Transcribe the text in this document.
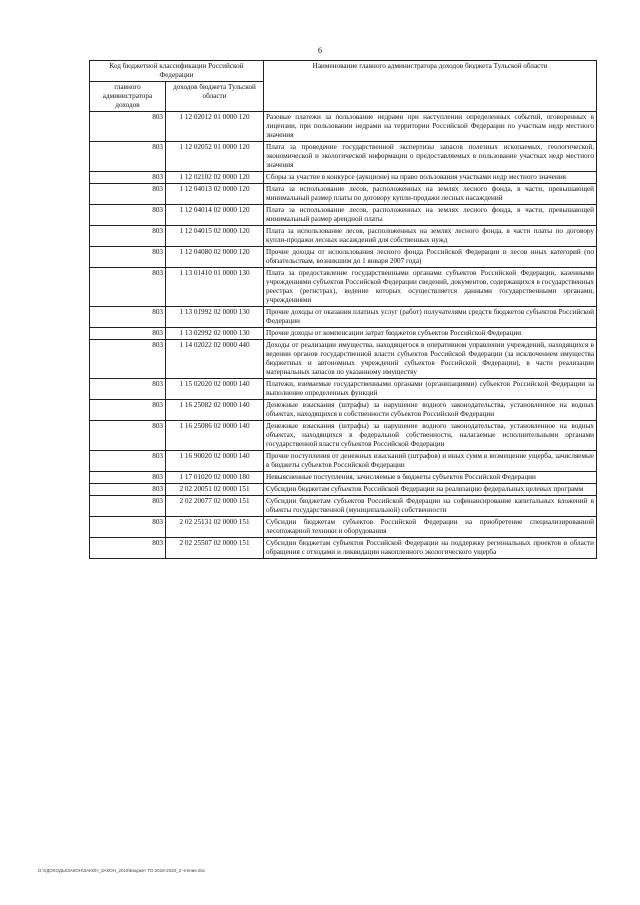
6
Код бюджетной классификации Российской Федерации		Наименование главного администратора доходов бюджета Тульской области
главного администратора доходов	доходов бюджета Тульской области	
803	1 12 02012 01 0000 120	Разовые платежи за пользование недрами при наступлении определенных событий, оговоренных в лицензии, при пользовании недрами на территории Российской Федерации по участкам недр местного значения
803	1 12 02052 01 0000 120	Плата за проведение государственной экспертизы запасов полезных ископаемых, геологической, экономической и экологической информации о предоставляемых в пользование участках недр местного значения
803	1 12 02102 02 0000 120	Сборы за участие в конкурсе (аукционе) на право пользования участками недр местного значения
803	1 12 04013 02 0000 120	Плата за использование лесов, расположенных на землях лесного фонда, в части, превышающей минимальный размер платы по договору купли-продажи лесных насаждений
803	1 12 04014 02 0000 120	Плата за использование лесов, расположенных на землях лесного фонда, в части, превышающей минимальный размер арендной платы
803	1 12 04015 02 0000 120	Плата за использование лесов, расположенных на землях лесного фонда, в части платы по договору купли-продажи лесных насаждений для собственных нужд
803	1 12 04080 02 0000 120	Прочие доходы от использования лесного фонда Российской Федерации и лесов иных категорий (по обязательствам, возникшим до 1 января 2007 года)
803	1 13 01410 01 0000 130	Плата за предоставление государственными органами субъектов Российской Федерации, казенными учреждениями субъектов Российской Федерации сведений, документов, содержащихся в государственных реестрах (регистрах), ведение которых осуществляется данными государственными органами, учреждениями
803	1 13 01992 02 0000 130	Прочие доходы от оказания платных услуг (работ) получателями средств бюджетов субъектов Российской Федерации
803	1 13 02992 02 0000 130	Прочие доходы от компенсации затрат бюджетов субъектов Российской Федерации
803	1 14 02022 02 0000 440	Доходы от реализации имущества, находящегося в оперативном управлении учреждений, находящихся в ведении органов государственной власти субъектов Российской Федерации (за исключением имущества бюджетных и автономных учреждений субъектов Российской Федерации), в части реализации материальных запасов по указанному имуществу
803	1 15 02020 02 0000 140	Платежи, взимаемые государственными органами (организациями) субъектов Российской Федерации за выполнение определенных функций
803	1 16 25082 02 0000 140	Денежные взыскания (штрафы) за нарушение водного законодательства, установленное на водных объектах, находящихся в собственности субъектов Российской Федерации
803	1 16 25086 02 0000 140	Денежные взыскания (штрафы) за нарушение водного законодательства, установленное на водных объектах, находящихся в федеральной собственности, налагаемые исполнительными органами государственной власти субъектов Российской Федерации
803	1 16 90020 02 0000 140	Прочие поступления от денежных взысканий (штрафов) и иных сумм в возмещение ущерба, зачисляемые в бюджеты субъектов Российской Федерации
803	1 17 01020 02 0000 180	Невыясненные поступления, зачисляемые в бюджеты субъектов Российской Федерации
803	2 02 20051 02 0000 151	Субсидии бюджетам субъектов Российской Федерации на реализацию федеральных целевых программ
803	2 02 20077 02 0000 151	Субсидии бюджетам субъектов Российской Федерации на софинансирование капитальных вложений в объекты государственной (муниципальной) собственности
803	2 02 25131 02 0000 151	Субсидии бюджетам субъектов Российской Федерации на приобретение специализированной лесопожарной техники и оборудования
803	2 02 25507 02 0000 151	Субсидии бюджетам субъектов Российской Федерации на поддержку региональных проектов в области обращения с отходами и ликвидации накопленного экологического ущерба
D:\!!ДОХОДЫ\ЗАКОН\ЗАКОН_ЗАКОН_2018\Бюджет ТО 2018-2020_2 чтение.doc
